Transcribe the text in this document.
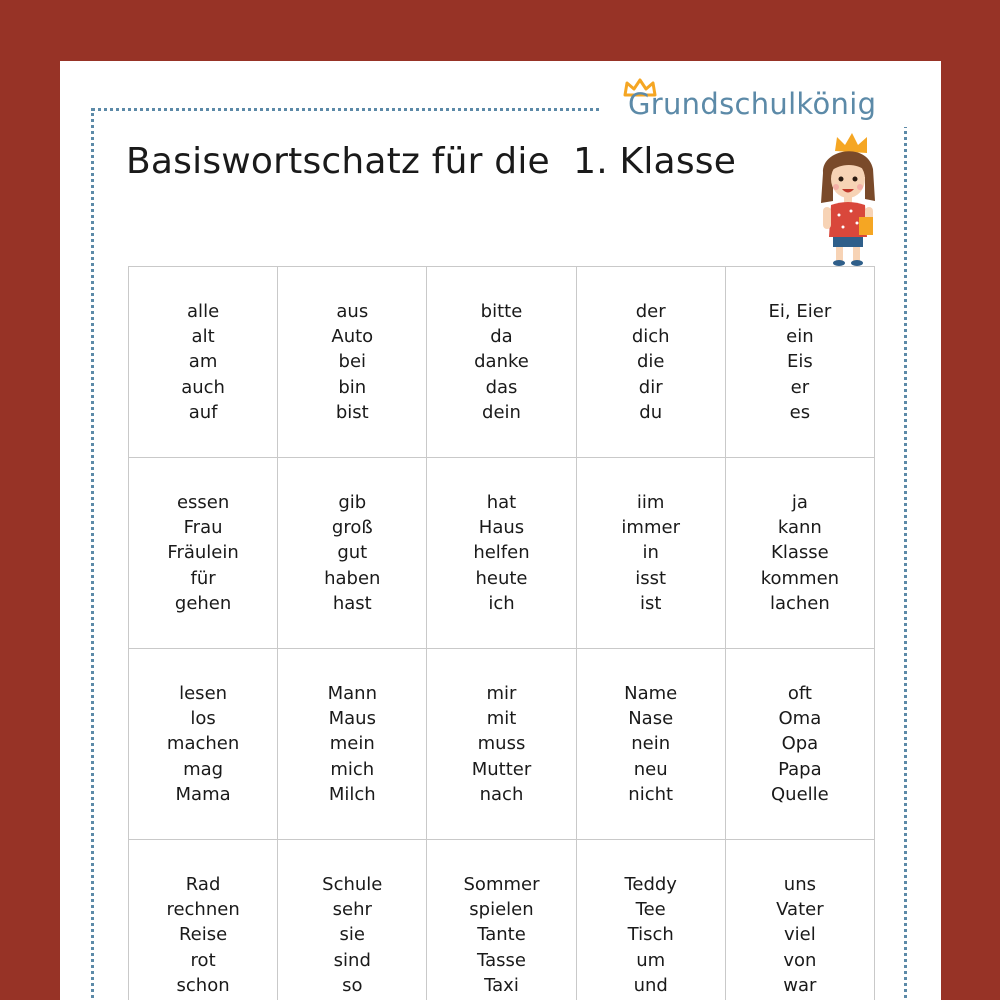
Grundschulkönig
Basiswortschatz für die  1. Klasse
alle
alt
am
auch
auf
aus
Auto
bei
bin
bist
bitte
da
danke
das
dein
der
dich
die
dir
du
Ei, Eier
ein
Eis
er
es
essen
Frau
Fräulein
für
gehen
gib
groß
gut
haben
hast
hat
Haus
helfen
heute
ich
iim
immer
in
isst
ist
ja
kann
Klasse
kommen
lachen
lesen
los
machen
mag
Mama
Mann
Maus
mein
mich
Milch
mir
mit
muss
Mutter
nach
Name
Nase
nein
neu
nicht
oft
Oma
Opa
Papa
Quelle
Rad
rechnen
Reise
rot
schon
Schule
sehr
sie
sind
so
Sommer
spielen
Tante
Tasse
Taxi
Teddy
Tee
Tisch
um
und
uns
Vater
viel
von
war
